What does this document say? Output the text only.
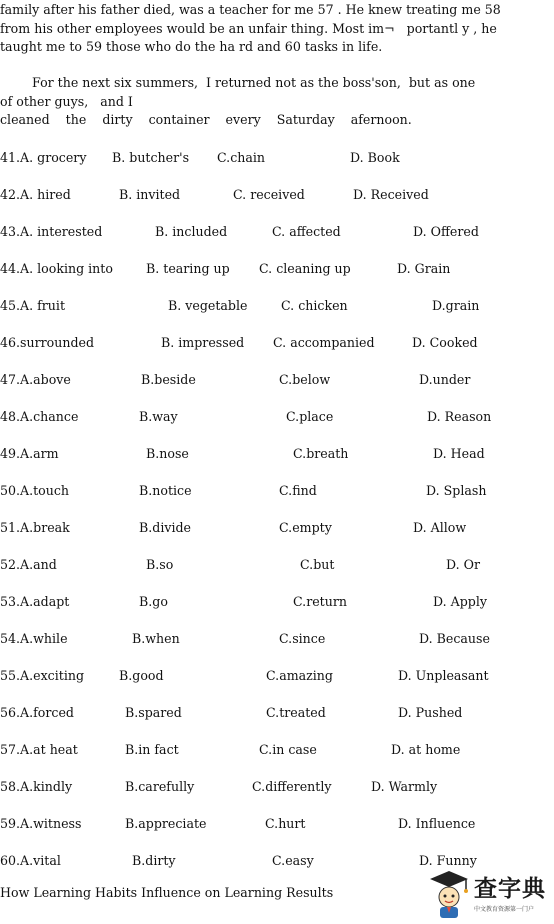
family after his father died, was a teacher for me 57 . He knew treating me 58
from his other employees would be an unfair thing. Most im¬   portantl y , he
taught me to 59 those who do the ha rd and 60 tasks in life.
For the next six summers,  I returned not as the boss'son,  but as one
of other guys,   and I
cleaned    the    dirty    container    every    Saturday    afernoon.
41.A. grocery B. butcher's C.chain	D. Book
42.A. hired	B. invited	C. received	D. Received
43.A. interested	B. included	C. affected	D. Offered
44.A. looking into	B. tearing up C. cleaning up	D. Grain
45.A. fruit	B. vegetable	C. chicken	D.grain
46.surrounded	B. impressed C. accompanied	D. Cooked
47.A.above	B.beside	C.below	D.under
48.A.chance	B.way	C.place	D. Reason
49.A.arm	B.nose	C.breath	D. Head
50.A.touch	B.notice	C.find	D. Splash
51.A.break	B.divide	C.empty	D. Allow
52.A.and	B.so	C.but	D. Or
53.A.adapt	B.go	C.return	D. Apply
54.A.while	B.when	C.since	D. Because
55.A.exciting	B.good	C.amazing	D. Unpleasant
56.A.forced	B.spared	C.treated	D. Pushed
57.A.at heat	B.in fact	C.in case	D. at home
58.A.kindly	B.carefully	C.differently	D. Warmly
59.A.witness	B.appreciate	C.hurt	D. Influence
60.A.vital	B.dirty	C.easy	D. Funny
How Learning Habits Influence on Learning Results	查字典
中文教育资源第一门户
